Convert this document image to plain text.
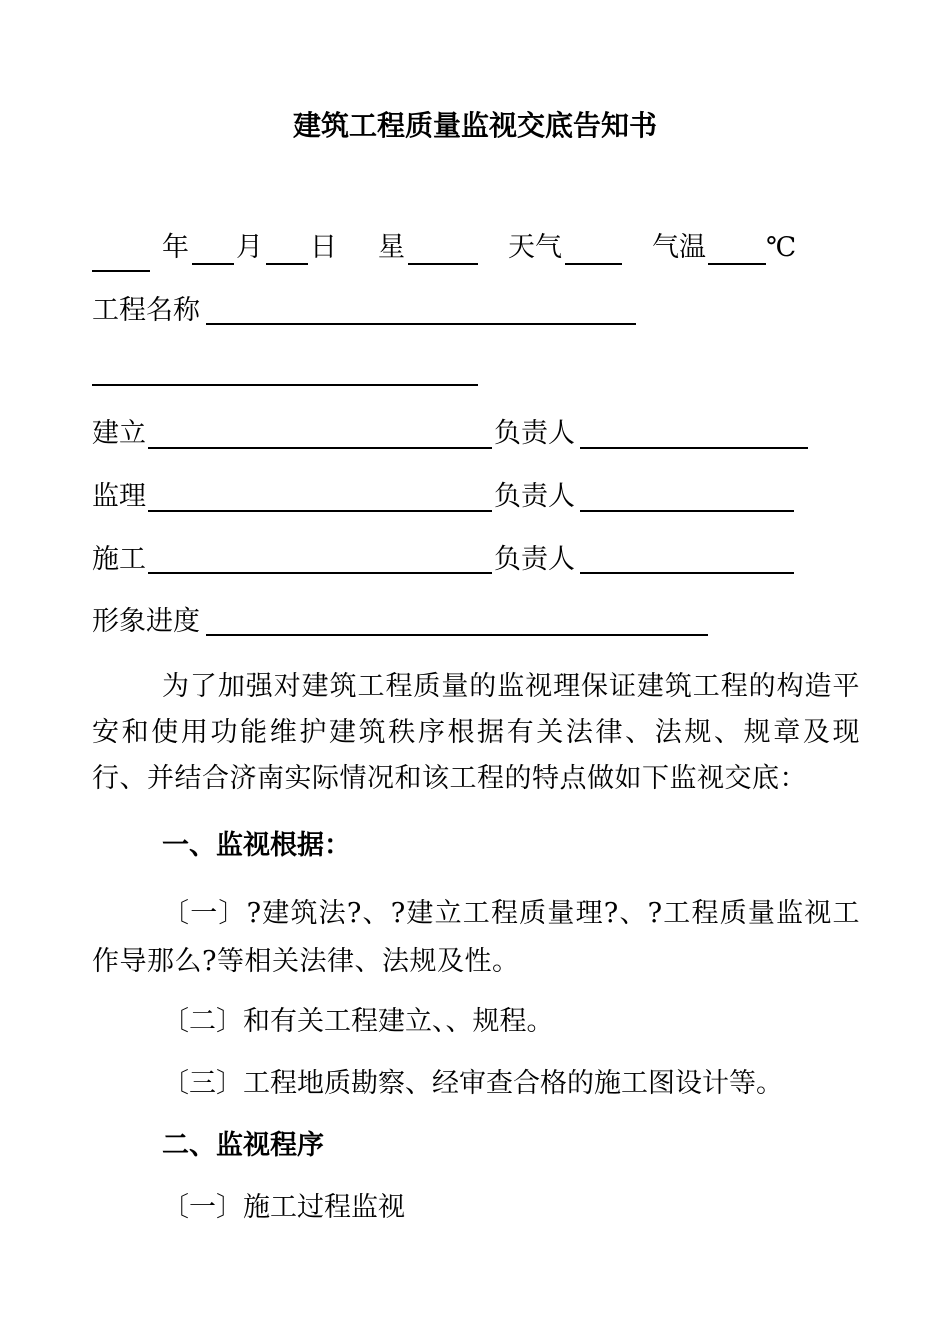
建筑工程质量监视交底告知书
年 月 日 星	天气	气温 ℃
工程名称
建立	负责人
监理	负责人
施工	负责人
形象进度
为了加强对建筑工程质量的监视理保证建筑工程的构造平安和使用功能维护建筑秩序根据有关法律、法规、规章及现行、并结合济南实际情况和该工程的特点做如下监视交底：
一、监视根据：
〔一〕?建筑法?、?建立工程质量理?、?工程质量监视工作导那么?等相关法律、法规及性。
〔二〕和有关工程建立、、规程。
〔三〕工程地质勘察、经审查合格的施工图设计等。
二、监视程序
〔一〕施工过程监视
